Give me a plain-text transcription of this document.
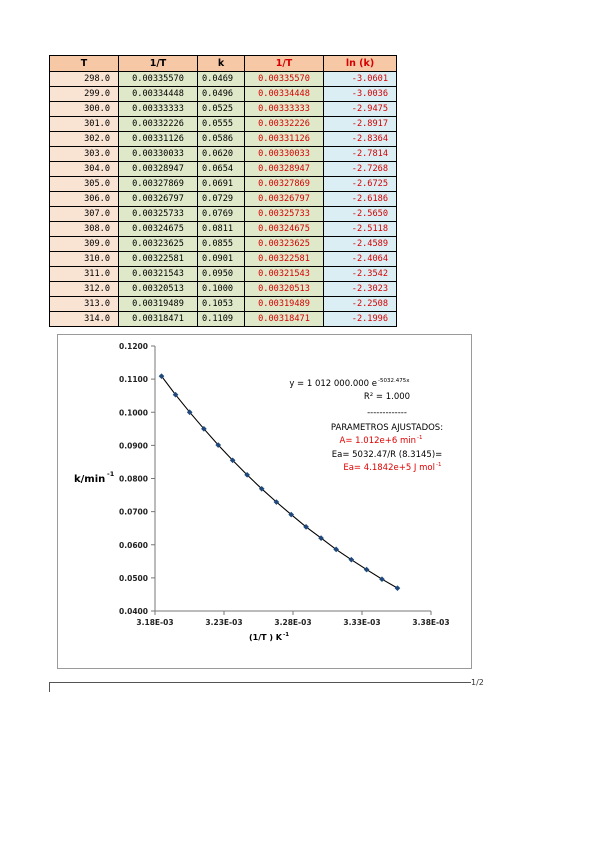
T	1/T	k	1/T	ln (k)
298.0	0.00335570	0.0469	0.00335570	-3.0601
299.0	0.00334448	0.0496	0.00334448	-3.0036
300.0	0.00333333	0.0525	0.00333333	-2.9475
301.0	0.00332226	0.0555	0.00332226	-2.8917
302.0	0.00331126	0.0586	0.00331126	-2.8364
303.0	0.00330033	0.0620	0.00330033	-2.7814
304.0	0.00328947	0.0654	0.00328947	-2.7268
305.0	0.00327869	0.0691	0.00327869	-2.6725
306.0	0.00326797	0.0729	0.00326797	-2.6186
307.0	0.00325733	0.0769	0.00325733	-2.5650
308.0	0.00324675	0.0811	0.00324675	-2.5118
309.0	0.00323625	0.0855	0.00323625	-2.4589
310.0	0.00322581	0.0901	0.00322581	-2.4064
311.0	0.00321543	0.0950	0.00321543	-2.3542
312.0	0.00320513	0.1000	0.00320513	-2.3023
313.0	0.00319489	0.1053	0.00319489	-2.2508
314.0	0.00318471	0.1109	0.00318471	-2.1996
0.0400
0.0500
0.0600
0.0700
0.0800
0.0900
0.1000
0.1100
0.1200
3.18E-03	3.23E-03	3.28E-03	3.33E-03	3.38E-03
k/min -1
(1/T ) K -1
y = 1 012 000.000 e -5032.475x
R² = 1.000
-------------
PARAMETROS AJUSTADOS:
A= 1.012e+6 min -1
Ea= 5032.47/R (8.3145)=
Ea= 4.1842e+5 J mol -1
1/2
